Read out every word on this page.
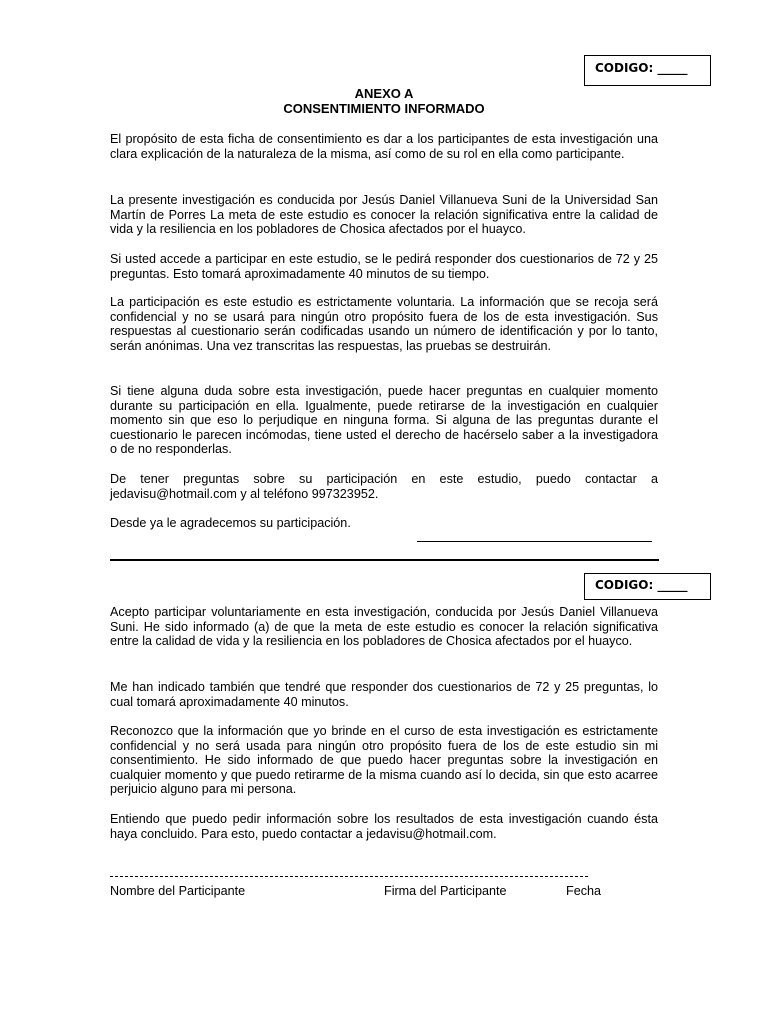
CODIGO: _____
ANEXO A
CONSENTIMIENTO INFORMADO

El propósito de esta ficha de consentimiento es dar a los participantes de esta investigación una clara explicación de la naturaleza de la misma, así como de su rol en ella como participante.

La presente investigación es conducida por Jesús Daniel Villanueva Suni de la Universidad San Martín de Porres La meta de este estudio es conocer la relación significativa entre la calidad de vida y la resiliencia en los pobladores de Chosica afectados por el huayco.

Si usted accede a participar en este estudio, se le pedirá responder dos cuestionarios de 72 y 25 preguntas. Esto tomará aproximadamente 40 minutos de su tiempo.

La participación es este estudio es estrictamente voluntaria. La información que se recoja será confidencial y no se usará para ningún otro propósito fuera de los de esta investigación. Sus respuestas al cuestionario serán codificadas usando un número de identificación y por lo tanto, serán anónimas. Una vez transcritas las respuestas, las pruebas se destruirán.

Si tiene alguna duda sobre esta investigación, puede hacer preguntas en cualquier momento durante su participación en ella. Igualmente, puede retirarse de la investigación en cualquier momento sin que eso lo perjudique en ninguna forma. Si alguna de las preguntas durante el cuestionario le parecen incómodas, tiene usted el derecho de hacérselo saber a la investigadora o de no responderlas.

De tener preguntas sobre su participación en este estudio, puedo contactar a jedavisu@hotmail.com y al teléfono 997323952.

Desde ya le agradecemos su participación.

CODIGO: _____

Acepto participar voluntariamente en esta investigación, conducida por Jesús Daniel Villanueva Suni. He sido informado (a) de que la meta de este estudio es conocer la relación significativa entre la calidad de vida y la resiliencia en los pobladores de Chosica afectados por el huayco.

Me han indicado también que tendré que responder dos cuestionarios de 72 y 25 preguntas, lo cual tomará aproximadamente 40 minutos.

Reconozco que la información que yo brinde en el curso de esta investigación es estrictamente confidencial y no será usada para ningún otro propósito fuera de los de este estudio sin mi consentimiento. He sido informado de que puedo hacer preguntas sobre la investigación en cualquier momento y que puedo retirarme de la misma cuando así lo decida, sin que esto acarree perjuicio alguno para mi persona.

Entiendo que puedo pedir información sobre los resultados de esta investigación cuando ésta haya concluido. Para esto, puedo contactar a jedavisu@hotmail.com.

Nombre del Participante	Firma del Participante	Fecha
